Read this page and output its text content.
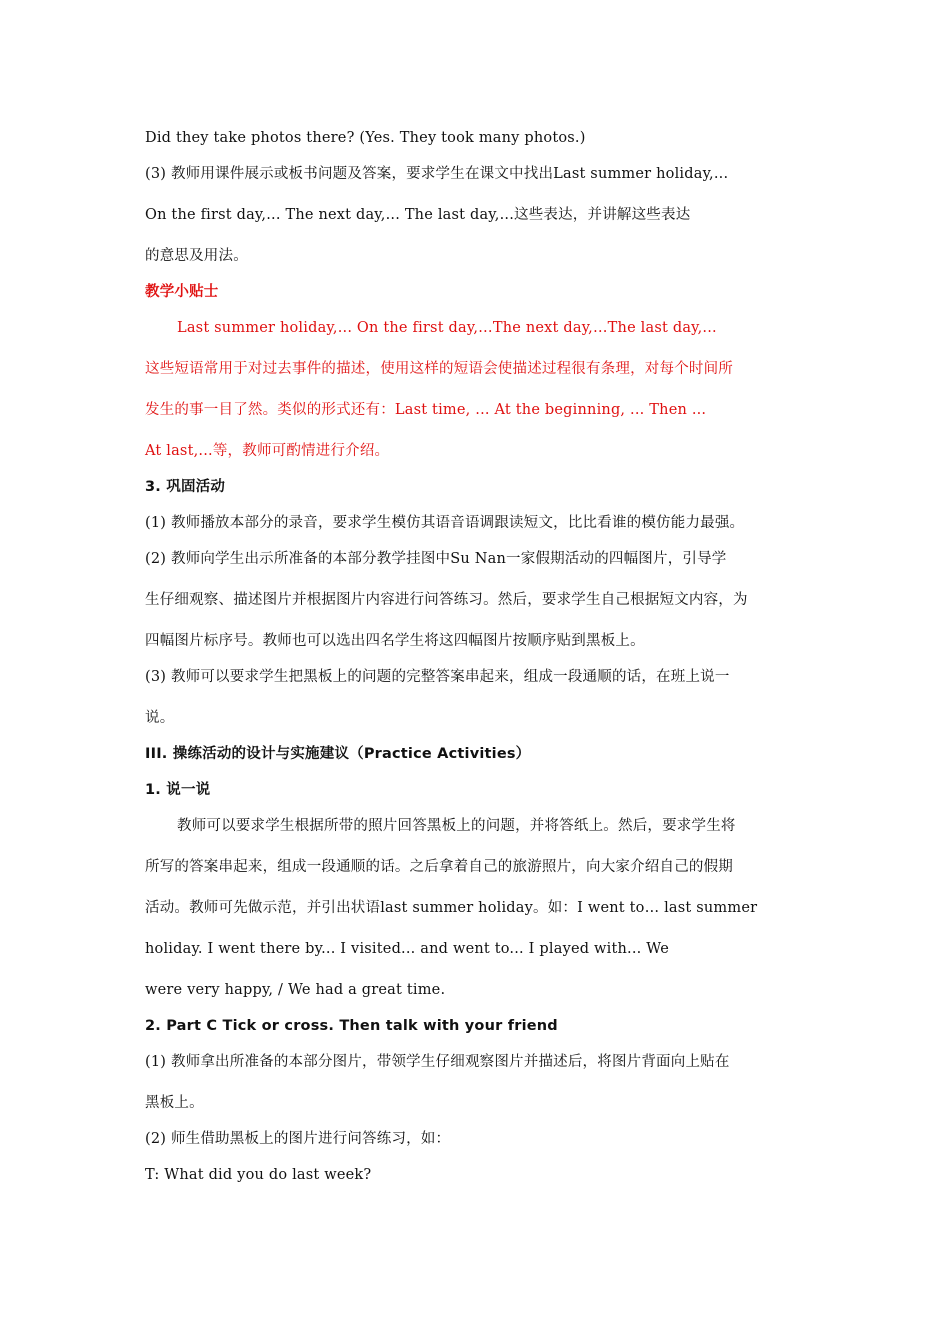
Did they take photos there? (Yes. They took many photos.)
(3) 教师用课件展示或板书问题及答案，要求学生在课文中找出Last summer holiday,...
On the first day,... The next day,... The last day,...这些表达，并讲解这些表达
的意思及用法。
教学小贴士
Last summer holiday,... On the first day,…The next day,…The last day,...
这些短语常用于对过去事件的描述，使用这样的短语会使描述过程很有条理，对每个时间所
发生的事一目了然。类似的形式还有：Last time, ... At the beginning, ... Then ...
At last,...等，教师可酌情进行介绍。
3. 巩固活动
(1) 教师播放本部分的录音，要求学生模仿其语音语调跟读短文，比比看谁的模仿能力最强。
(2) 教师向学生出示所准备的本部分教学挂图中Su Nan一家假期活动的四幅图片，引导学
生仔细观察、描述图片并根据图片内容进行问答练习。然后，要求学生自己根据短文内容，为
四幅图片标序号。教师也可以选出四名学生将这四幅图片按顺序贴到黑板上。
(3) 教师可以要求学生把黑板上的问题的完整答案串起来，组成一段通顺的话，在班上说一
说。
III. 操练活动的设计与实施建议（Practice Activities）
1. 说一说
教师可以要求学生根据所带的照片回答黑板上的问题，并将答纸上。然后，要求学生将
所写的答案串起来，组成一段通顺的话。之后拿着自己的旅游照片，向大家介绍自己的假期
活动。教师可先做示范，并引出状语last summer holiday。如：I went to… last summer
holiday. I went there by... I visited... and went to... I played with... We
were very happy, / We had a great time.
2. Part C Tick or cross. Then talk with your friend
(1) 教师拿出所准备的本部分图片，带领学生仔细观察图片并描述后，将图片背面向上贴在
黑板上。
(2) 师生借助黑板上的图片进行问答练习，如：
T: What did you do last week?
